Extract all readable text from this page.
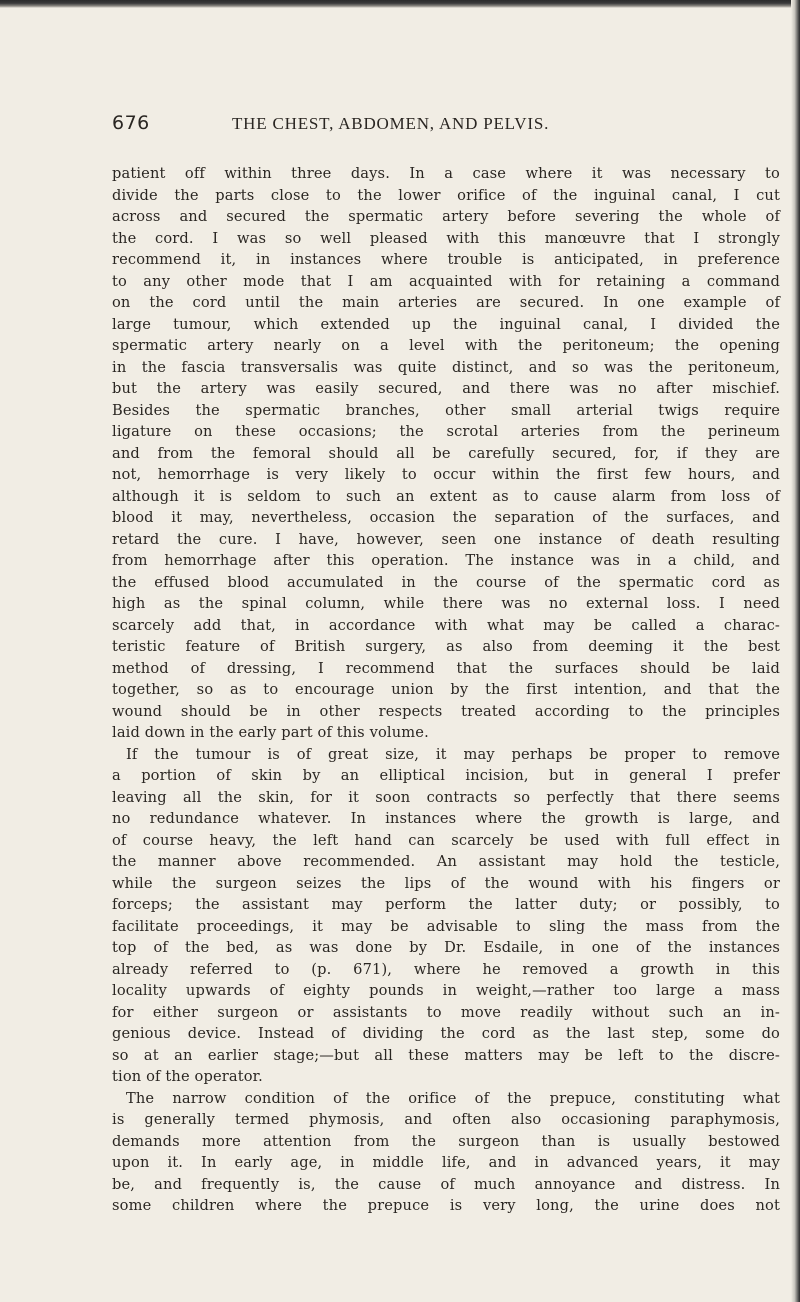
676	THE CHEST, ABDOMEN, AND PELVIS.
patient off within three days. In a case where it was necessary to
divide the parts close to the lower orifice of the inguinal canal, I cut
across and secured the spermatic artery before severing the whole of
the cord. I was so well pleased with this manœuvre that I strongly
recommend it, in instances where trouble is anticipated, in preference
to any other mode that I am acquainted with for retaining a command
on the cord until the main arteries are secured. In one example of
large tumour, which extended up the inguinal canal, I divided the
spermatic artery nearly on a level with the peritoneum; the opening
in the fascia transversalis was quite distinct, and so was the peritoneum,
but the artery was easily secured, and there was no after mischief.
Besides the spermatic branches, other small arterial twigs require
ligature on these occasions; the scrotal arteries from the perineum
and from the femoral should all be carefully secured, for, if they are
not, hemorrhage is very likely to occur within the first few hours, and
although it is seldom to such an extent as to cause alarm from loss of
blood it may, nevertheless, occasion the separation of the surfaces, and
retard the cure. I have, however, seen one instance of death resulting
from hemorrhage after this operation. The instance was in a child, and
the effused blood accumulated in the course of the spermatic cord as
high as the spinal column, while there was no external loss. I need
scarcely add that, in accordance with what may be called a charac-
teristic feature of British surgery, as also from deeming it the best
method of dressing, I recommend that the surfaces should be laid
together, so as to encourage union by the first intention, and that the
wound should be in other respects treated according to the principles
laid down in the early part of this volume.
If the tumour is of great size, it may perhaps be proper to remove
a portion of skin by an elliptical incision, but in general I prefer
leaving all the skin, for it soon contracts so perfectly that there seems
no redundance whatever. In instances where the growth is large, and
of course heavy, the left hand can scarcely be used with full effect in
the manner above recommended. An assistant may hold the testicle,
while the surgeon seizes the lips of the wound with his fingers or
forceps; the assistant may perform the latter duty; or possibly, to
facilitate proceedings, it may be advisable to sling the mass from the
top of the bed, as was done by Dr. Esdaile, in one of the instances
already referred to (p. 671), where he removed a growth in this
locality upwards of eighty pounds in weight,—rather too large a mass
for either surgeon or assistants to move readily without such an in-
genious device. Instead of dividing the cord as the last step, some do
so at an earlier stage;—but all these matters may be left to the discre-
tion of the operator.
The narrow condition of the orifice of the prepuce, constituting what
is generally termed phymosis, and often also occasioning paraphymosis,
demands more attention from the surgeon than is usually bestowed
upon it. In early age, in middle life, and in advanced years, it may
be, and frequently is, the cause of much annoyance and distress. In
some children where the prepuce is very long, the urine does not
